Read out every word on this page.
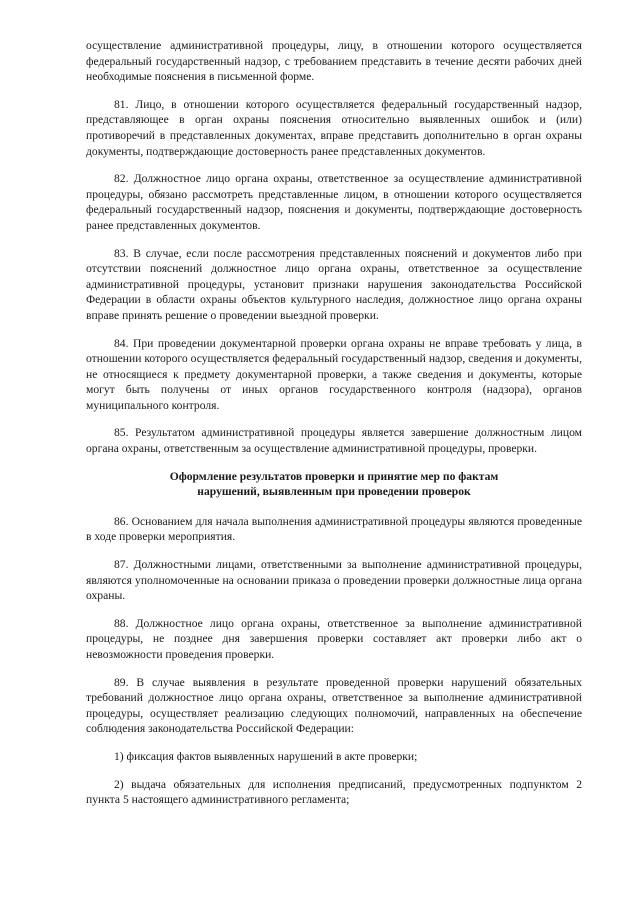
осуществление административной процедуры, лицу, в отношении которого осуществляется федеральный государственный надзор, с требованием представить в течение десяти рабочих дней необходимые пояснения в письменной форме.

81. Лицо, в отношении которого осуществляется федеральный государственный надзор, представляющее в орган охраны пояснения относительно выявленных ошибок и (или) противоречий в представленных документах, вправе представить дополнительно в орган охраны документы, подтверждающие достоверность ранее представленных документов.

82. Должностное лицо органа охраны, ответственное за осуществление административной процедуры, обязано рассмотреть представленные лицом, в отношении которого осуществляется федеральный государственный надзор, пояснения и документы, подтверждающие достоверность ранее представленных документов.

83. В случае, если после рассмотрения представленных пояснений и документов либо при отсутствии пояснений должностное лицо органа охраны, ответственное за осуществление административной процедуры, установит признаки нарушения законодательства Российской Федерации в области охраны объектов культурного наследия, должностное лицо органа охраны вправе принять решение о проведении выездной проверки.

84. При проведении документарной проверки органа охраны не вправе требовать у лица, в отношении которого осуществляется федеральный государственный надзор, сведения и документы, не относящиеся к предмету документарной проверки, а также сведения и документы, которые могут быть получены от иных органов государственного контроля (надзора), органов муниципального контроля.

85. Результатом административной процедуры является завершение должностным лицом органа охраны, ответственным за осуществление административной процедуры, проверки.

Оформление результатов проверки и принятие мер по фактам
нарушений, выявленным при проведении проверок

86. Основанием для начала выполнения административной процедуры являются проведенные в ходе проверки мероприятия.

87. Должностными лицами, ответственными за выполнение административной процедуры, являются уполномоченные на основании приказа о проведении проверки должностные лица органа охраны.

88. Должностное лицо органа охраны, ответственное за выполнение административной процедуры, не позднее дня завершения проверки составляет акт проверки либо акт о невозможности проведения проверки.

89. В случае выявления в результате проведенной проверки нарушений обязательных требований должностное лицо органа охраны, ответственное за выполнение административной процедуры, осуществляет реализацию следующих полномочий, направленных на обеспечение соблюдения законодательства Российской Федерации:

1) фиксация фактов выявленных нарушений в акте проверки;

2) выдача обязательных для исполнения предписаний, предусмотренных подпунктом 2 пункта 5 настоящего административного регламента;
